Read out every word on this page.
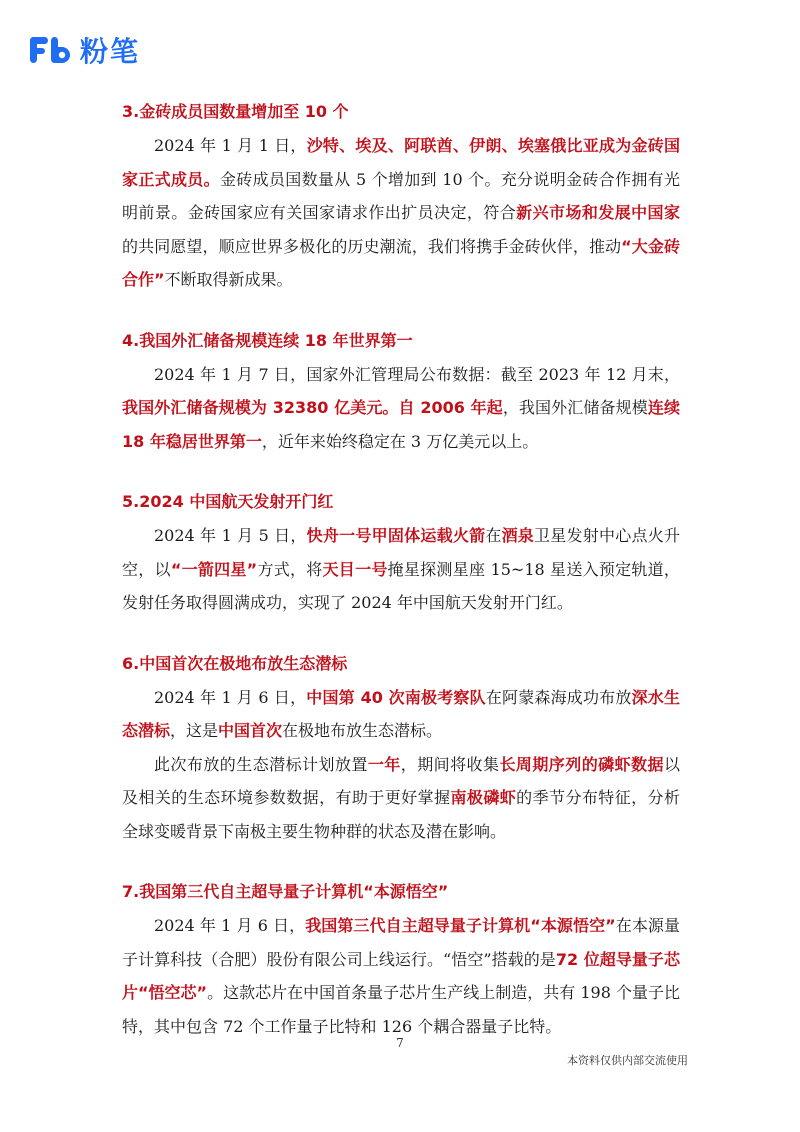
粉笔

3.金砖成员国数量增加至 10 个

2024 年 1 月 1 日，沙特、埃及、阿联酋、伊朗、埃塞俄比亚成为金砖国家正式成员。金砖成员国数量从 5 个增加到 10 个。充分说明金砖合作拥有光明前景。金砖国家应有关国家请求作出扩员决定，符合新兴市场和发展中国家的共同愿望，顺应世界多极化的历史潮流，我们将携手金砖伙伴，推动“大金砖合作”不断取得新成果。

4.我国外汇储备规模连续 18 年世界第一

2024 年 1 月 7 日，国家外汇管理局公布数据：截至 2023 年 12 月末，我国外汇储备规模为 32380 亿美元。自 2006 年起，我国外汇储备规模连续 18 年稳居世界第一，近年来始终稳定在 3 万亿美元以上。

5.2024 中国航天发射开门红

2024 年 1 月 5 日，快舟一号甲固体运载火箭在酒泉卫星发射中心点火升空，以“一箭四星”方式，将天目一号掩星探测星座 15~18 星送入预定轨道，发射任务取得圆满成功，实现了 2024 年中国航天发射开门红。

6.中国首次在极地布放生态潜标

2024 年 1 月 6 日，中国第 40 次南极考察队在阿蒙森海成功布放深水生态潜标，这是中国首次在极地布放生态潜标。

此次布放的生态潜标计划放置一年，期间将收集长周期序列的磷虾数据以及相关的生态环境参数数据，有助于更好掌握南极磷虾的季节分布特征，分析全球变暖背景下南极主要生物种群的状态及潜在影响。

7.我国第三代自主超导量子计算机“本源悟空”

2024 年 1 月 6 日，我国第三代自主超导量子计算机“本源悟空”在本源量子计算科技（合肥）股份有限公司上线运行。“悟空”搭载的是72 位超导量子芯片“悟空芯”。这款芯片在中国首条量子芯片生产线上制造，共有 198 个量子比特，其中包含 72 个工作量子比特和 126 个耦合器量子比特。

7
本资料仅供内部交流使用
